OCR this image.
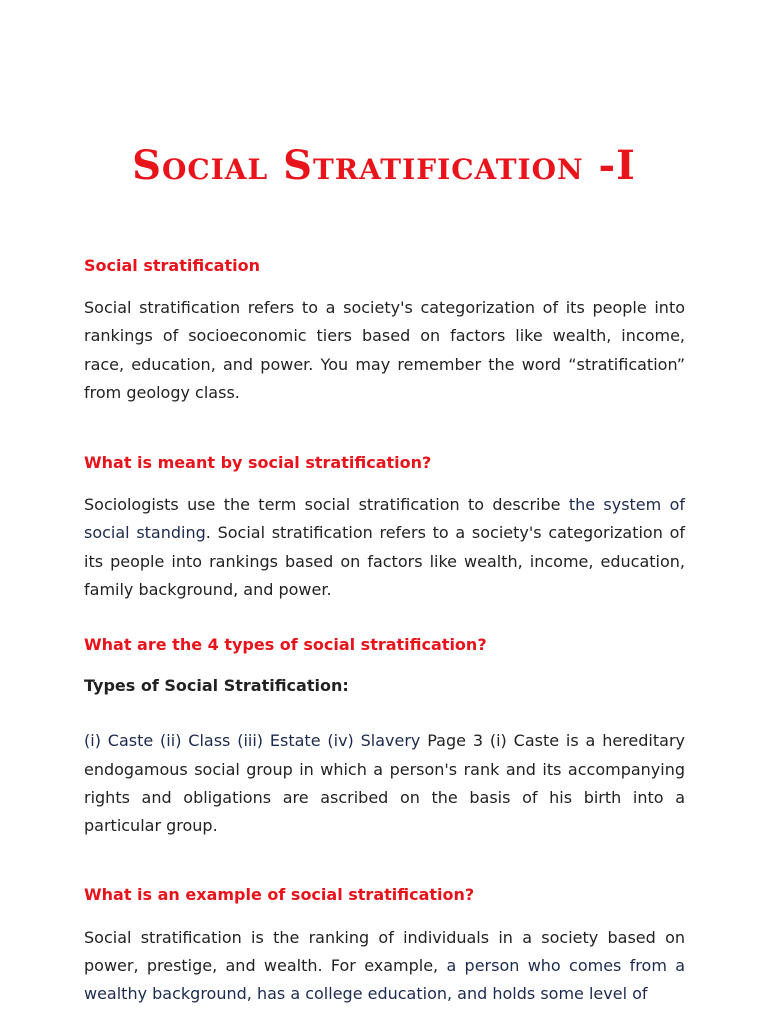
Social Stratification -I

Social stratification

Social stratification refers to a society's categorization of its people into rankings of socioeconomic tiers based on factors like wealth, income, race, education, and power. You may remember the word “stratification” from geology class.

What is meant by social stratification?

Sociologists use the term social stratification to describe the system of social standing. Social stratification refers to a society's categorization of its people into rankings based on factors like wealth, income, education, family background, and power.

What are the 4 types of social stratification?

Types of Social Stratification:

(i) Caste (ii) Class (iii) Estate (iv) Slavery Page 3 (i) Caste is a hereditary endogamous social group in which a person's rank and its accompanying rights and obligations are ascribed on the basis of his birth into a particular group.

What is an example of social stratification?

Social stratification is the ranking of individuals in a society based on power, prestige, and wealth. For example, a person who comes from a wealthy background, has a college education, and holds some level of
